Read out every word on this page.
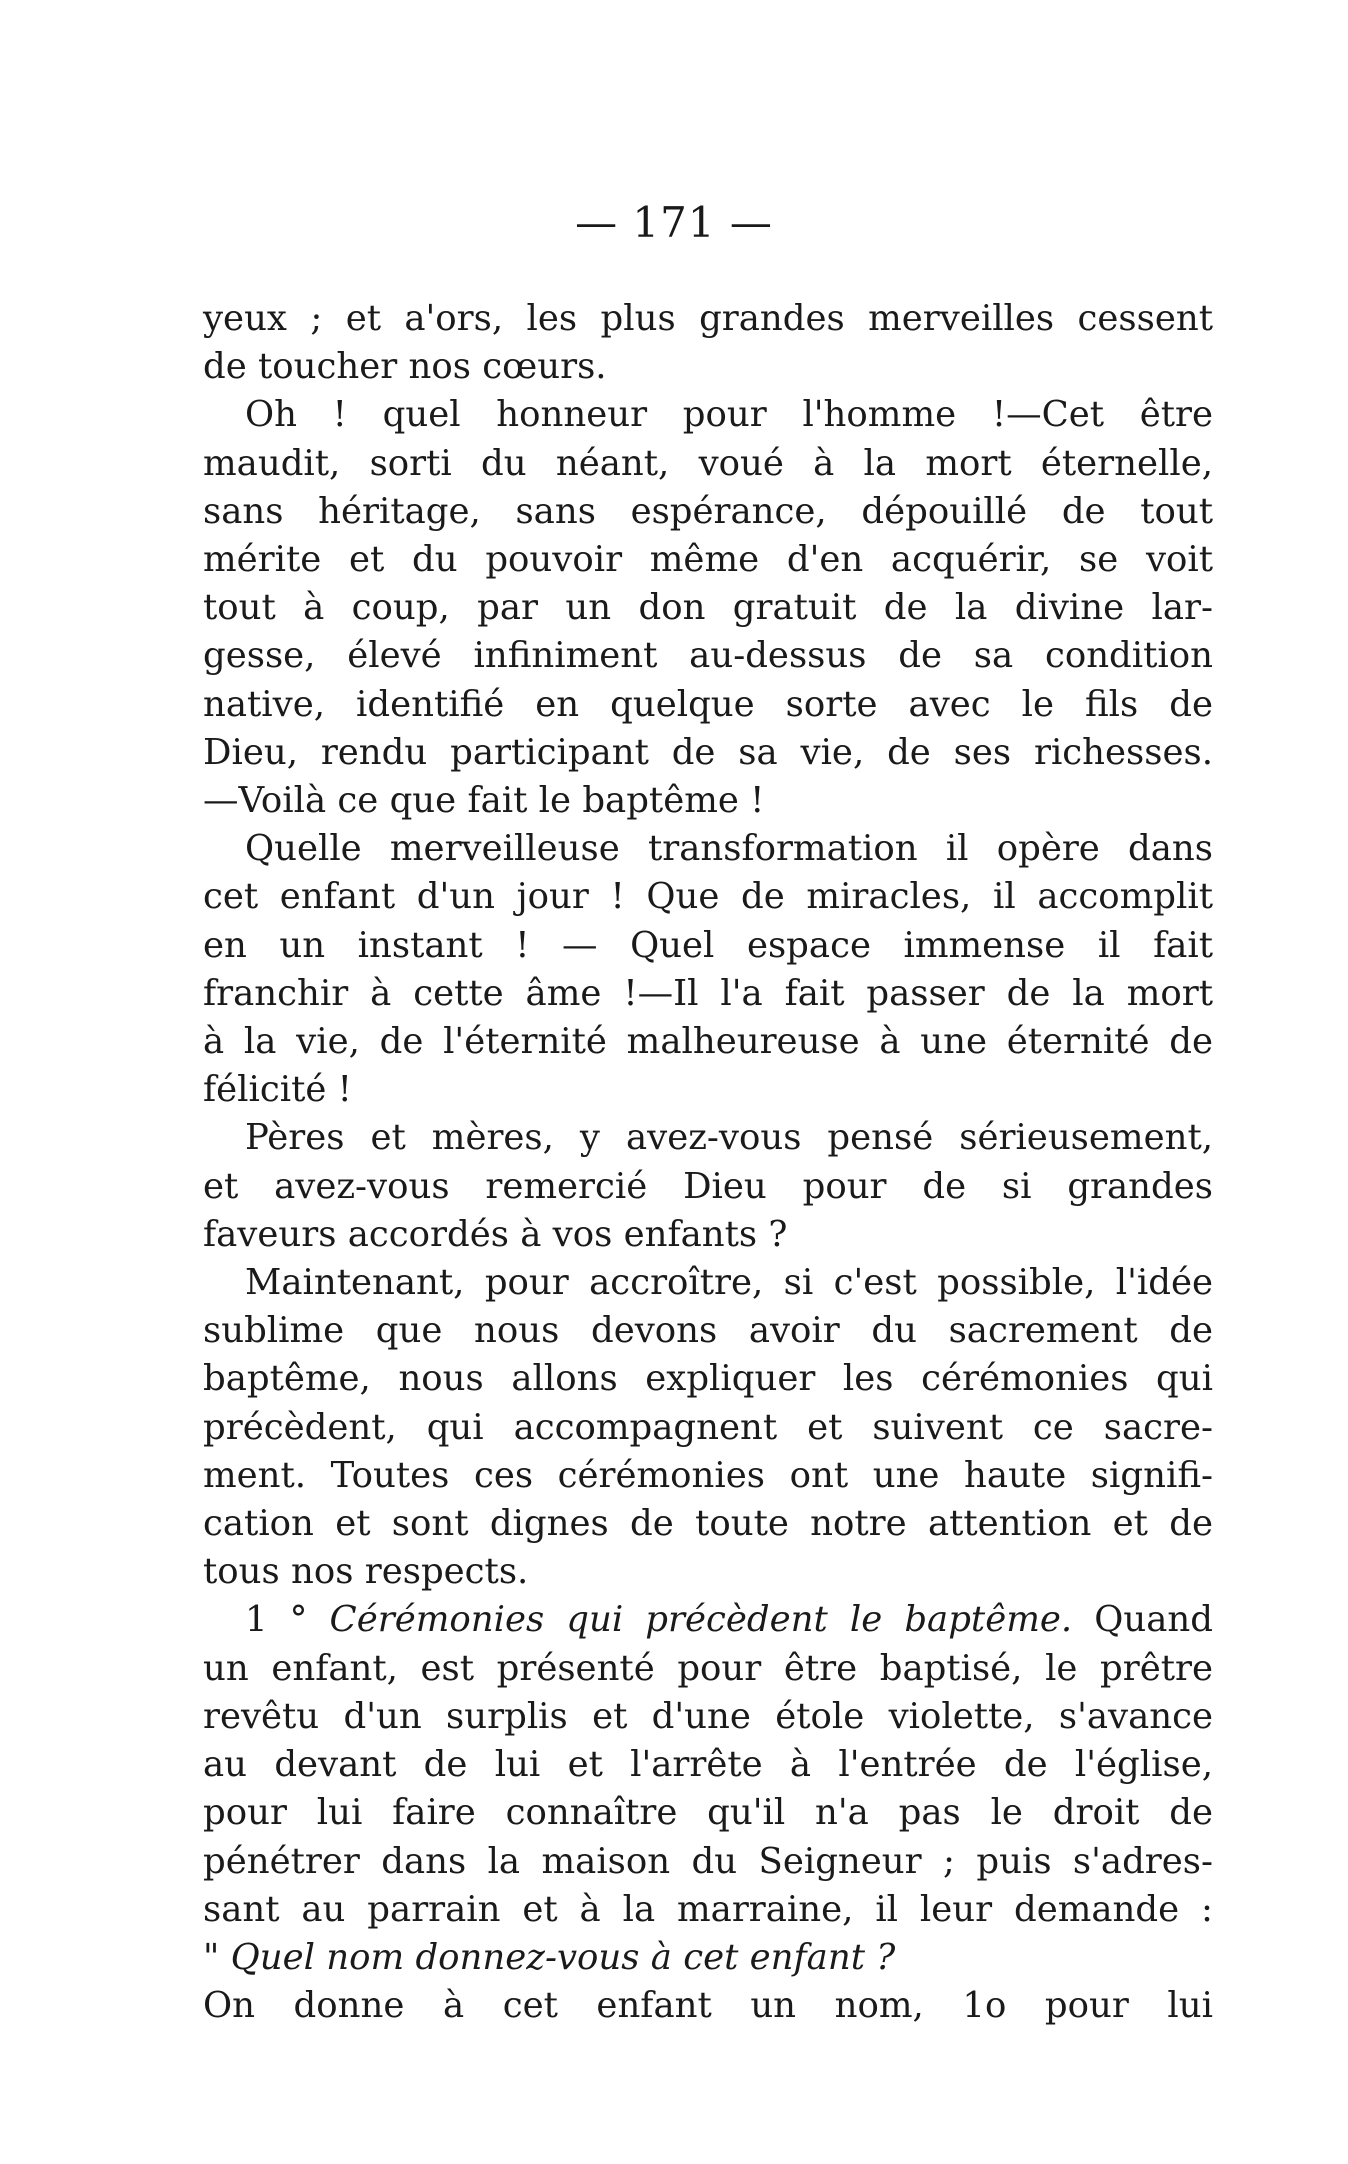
— 171 —
yeux ; et a'ors, les plus grandes merveilles cessent
de toucher nos cœurs.
Oh ! quel honneur pour l'homme !—Cet être
maudit, sorti du néant, voué à la mort éternelle,
sans héritage, sans espérance, dépouillé de tout
mérite et du pouvoir même d'en acquérir, se voit
tout à coup, par un don gratuit de la divine lar-
gesse, élevé infiniment au-dessus de sa condition
native, identifié en quelque sorte avec le fils de
Dieu, rendu participant de sa vie, de ses richesses.
—Voilà ce que fait le baptême !
Quelle merveilleuse transformation il opère dans
cet enfant d'un jour ! Que de miracles, il accomplit
en un instant ! — Quel espace immense il fait
franchir à cette âme !—Il l'a fait passer de la mort
à la vie, de l'éternité malheureuse à une éternité de
félicité !
Pères et mères, y avez-vous pensé sérieusement,
et avez-vous remercié Dieu pour de si grandes
faveurs accordés à vos enfants ?
Maintenant, pour accroître, si c'est possible, l'idée
sublime que nous devons avoir du sacrement de
baptême, nous allons expliquer les cérémonies qui
précèdent, qui accompagnent et suivent ce sacre-
ment. Toutes ces cérémonies ont une haute signifi-
cation et sont dignes de toute notre attention et de
tous nos respects.
1 ° Cérémonies qui précèdent le baptême. Quand
un enfant, est présenté pour être baptisé, le prêtre
revêtu d'un surplis et d'une étole violette, s'avance
au devant de lui et l'arrête à l'entrée de l'église,
pour lui faire connaître qu'il n'a pas le droit de
pénétrer dans la maison du Seigneur ; puis s'adres-
sant au parrain et à la marraine, il leur demande :
" Quel nom donnez-vous à cet enfant ?
On donne à cet enfant un nom, 1o pour lui
